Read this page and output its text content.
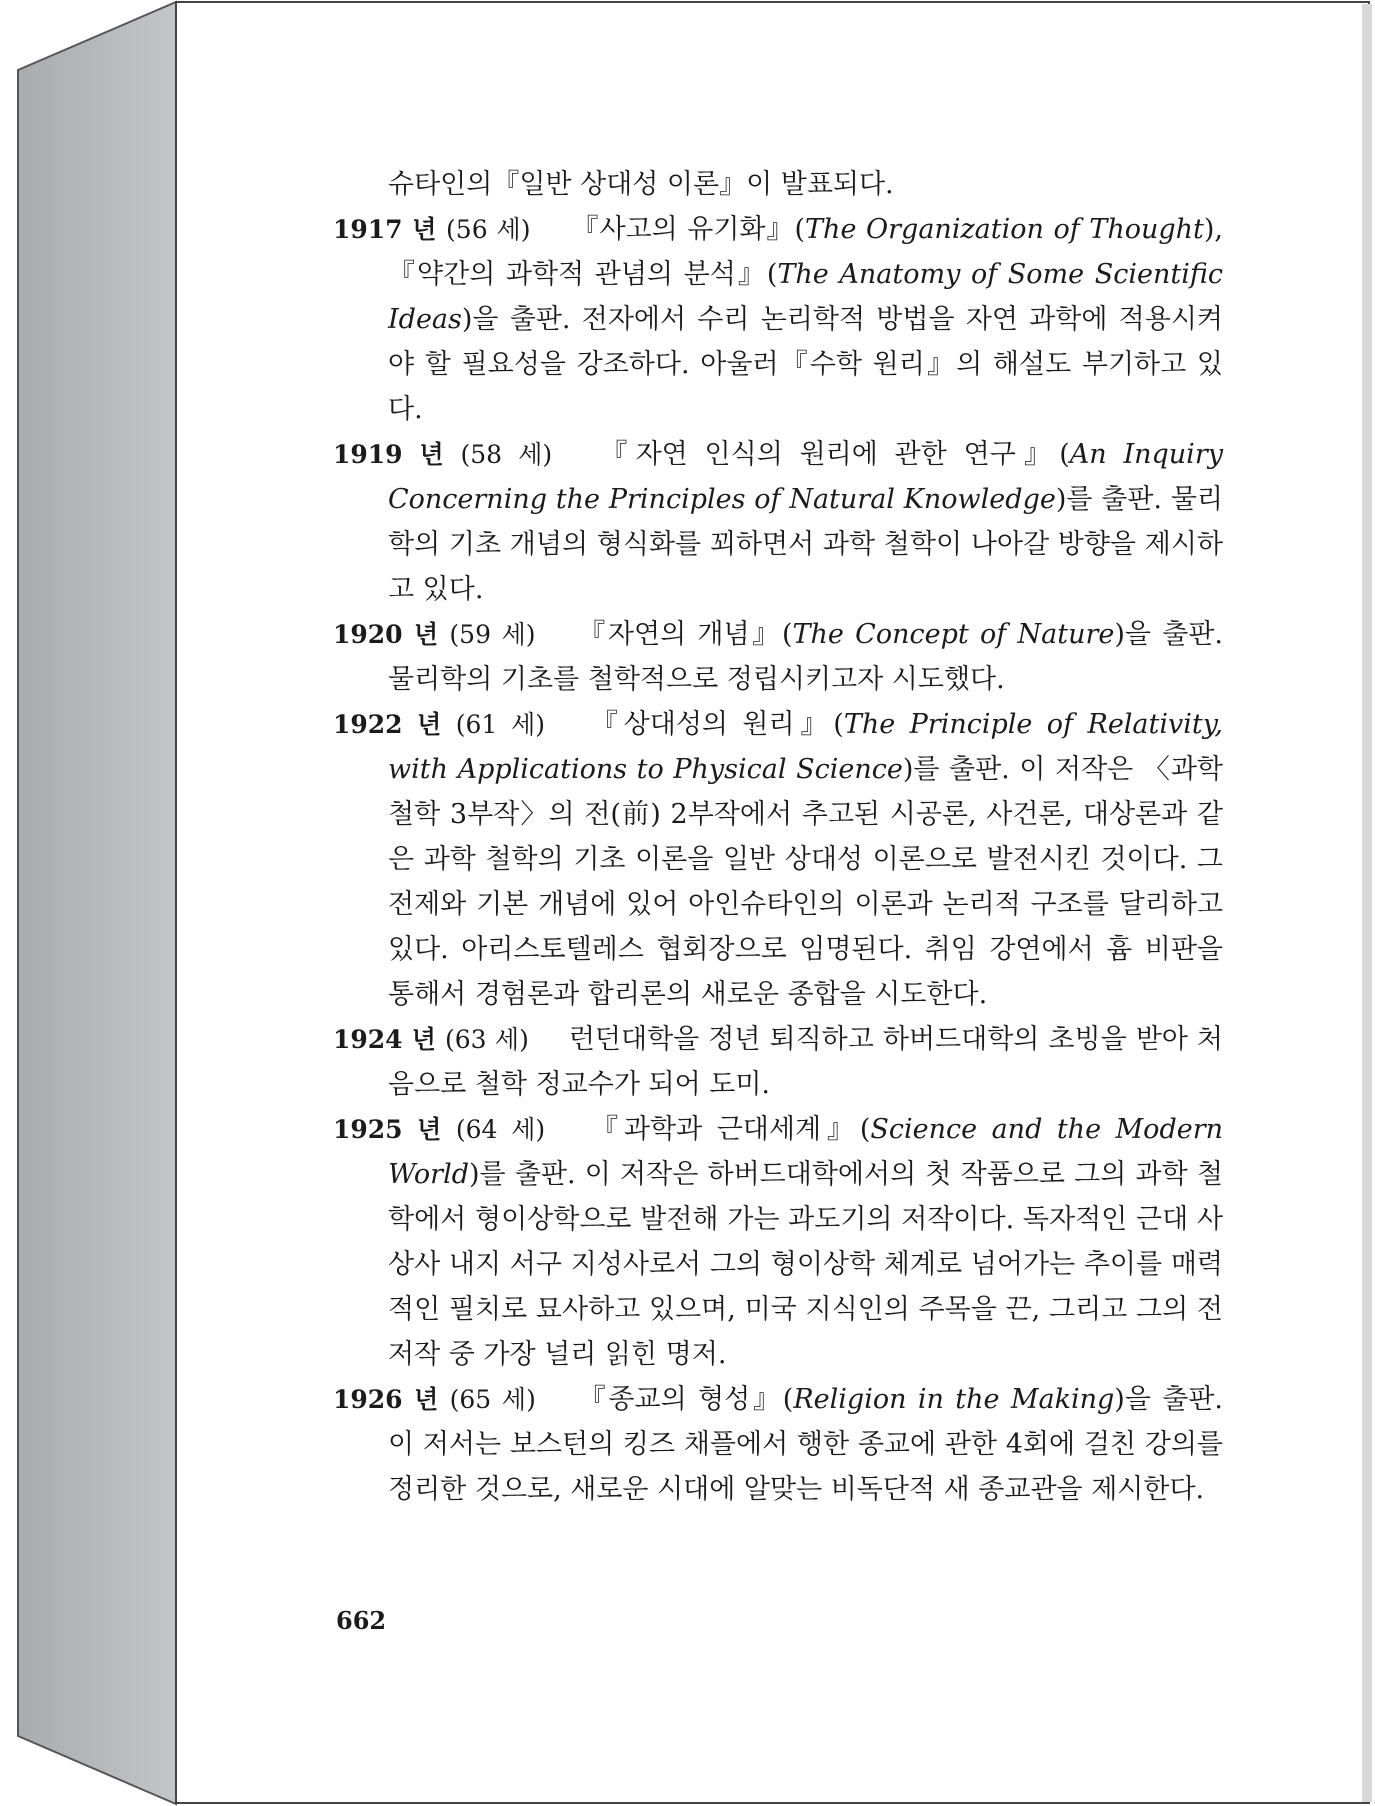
슈타인의『일반 상대성 이론』이 발표되다.

1917 년 (56 세) 『사고의 유기화』(The Organization of Thought), 『약간의 과학적 관념의 분석』(The Anatomy of Some Scientific Ideas)을 출판. 전자에서 수리 논리학적 방법을 자연 과학에 적용시켜야 할 필요성을 강조하다. 아울러『수학 원리』의 해설도 부기하고 있다.

1919 년 (58 세) 『자연 인식의 원리에 관한 연구』(An Inquiry Concerning the Principles of Natural Knowledge)를 출판. 물리학의 기초 개념의 형식화를 꾀하면서 과학 철학이 나아갈 방향을 제시하고 있다.

1920 년 (59 세) 『자연의 개념』(The Concept of Nature)을 출판. 물리학의 기초를 철학적으로 정립시키고자 시도했다.

1922 년 (61 세) 『상대성의 원리』(The Principle of Relativity, with Applications to Physical Science)를 출판. 이 저작은 〈과학 철학 3부작〉의 전(前) 2부작에서 추고된 시공론, 사건론, 대상론과 같은 과학 철학의 기초 이론을 일반 상대성 이론으로 발전시킨 것이다. 그 전제와 기본 개념에 있어 아인슈타인의 이론과 논리적 구조를 달리하고 있다. 아리스토텔레스 협회장으로 임명된다. 취임 강연에서 흄 비판을 통해서 경험론과 합리론의 새로운 종합을 시도한다.

1924 년 (63 세) 런던대학을 정년 퇴직하고 하버드대학의 초빙을 받아 처음으로 철학 정교수가 되어 도미.

1925 년 (64 세) 『과학과 근대세계』(Science and the Modern World)를 출판. 이 저작은 하버드대학에서의 첫 작품으로 그의 과학 철학에서 형이상학으로 발전해 가는 과도기의 저작이다. 독자적인 근대 사상사 내지 서구 지성사로서 그의 형이상학 체계로 넘어가는 추이를 매력적인 필치로 묘사하고 있으며, 미국 지식인의 주목을 끈, 그리고 그의 전 저작 중 가장 널리 읽힌 명저.

1926 년 (65 세) 『종교의 형성』(Religion in the Making)을 출판. 이 저서는 보스턴의 킹즈 채플에서 행한 종교에 관한 4회에 걸친 강의를 정리한 것으로, 새로운 시대에 알맞는 비독단적 새 종교관을 제시한다.

662
